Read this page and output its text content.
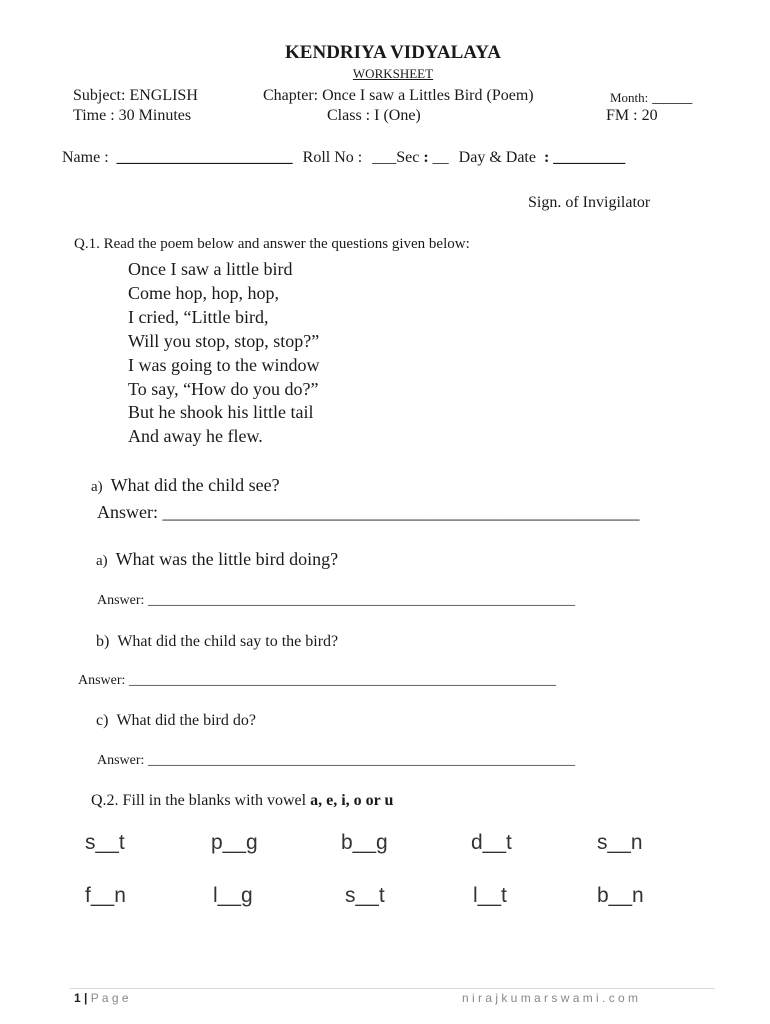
KENDRIYA VIDYALAYA
WORKSHEET
Subject: ENGLISH	Chapter: Once I saw a Littles Bird (Poem)	Month: _____
Time : 30 Minutes	Class : I (One)	FM : 20
Name : ______________________ Roll No : ___Sec : __ Day & Date : _________
Sign. of Invigilator
Q.1. Read the poem below and answer the questions given below:
Once I saw a little bird
Come hop, hop, hop,
I cried, “Little bird,
Will you stop, stop, stop?”
I was going to the window
To say, “How do you do?”
But he shook his little tail
And away he flew.
a) What did the child see?
Answer: _____________________________________________________
a) What was the little bird doing?
Answer: _____________________________________________________________
b) What did the child say to the bird?
Answer: _____________________________________________________________
c) What did the bird do?
Answer: _____________________________________________________________
Q.2. Fill in the blanks with vowel a, e, i, o or u
s__t	p__g	b__g	d__t	s__n
f__n	l__g	s__t	l__t	b__n
1 | P a g e	n i r a j k u m a r s w a m i . c o m
